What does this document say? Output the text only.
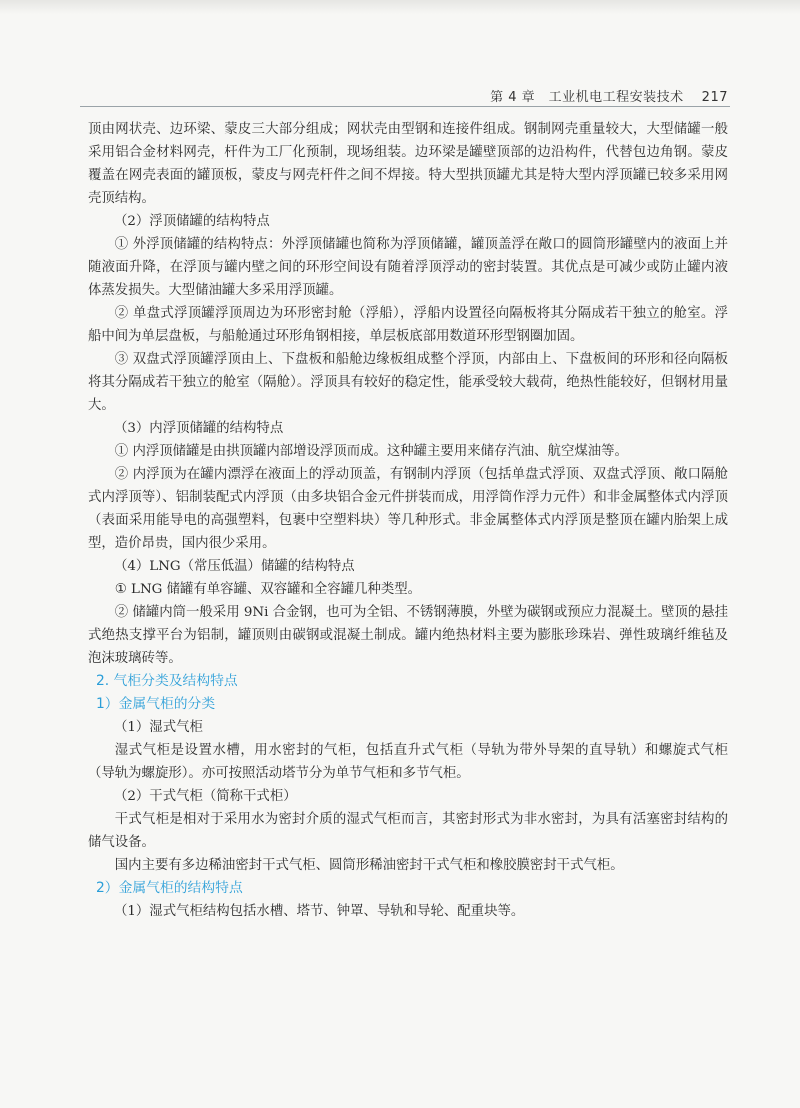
第 4 章　工业机电工程安装技术 217

顶由网状壳、边环梁、蒙皮三大部分组成；网状壳由型钢和连接件组成。钢制网壳重量较大，大型储罐一般采用铝合金材料网壳，杆件为工厂化预制，现场组装。边环梁是罐壁顶部的边沿构件，代替包边角钢。蒙皮覆盖在网壳表面的罐顶板，蒙皮与网壳杆件之间不焊接。特大型拱顶罐尤其是特大型内浮顶罐已较多采用网壳顶结构。

（2）浮顶储罐的结构特点

① 外浮顶储罐的结构特点：外浮顶储罐也简称为浮顶储罐，罐顶盖浮在敞口的圆筒形罐壁内的液面上并随液面升降，在浮顶与罐内壁之间的环形空间设有随着浮顶浮动的密封装置。其优点是可减少或防止罐内液体蒸发损失。大型储油罐大多采用浮顶罐。

② 单盘式浮顶罐浮顶周边为环形密封舱（浮船），浮船内设置径向隔板将其分隔成若干独立的舱室。浮船中间为单层盘板，与船舱通过环形角钢相接，单层板底部用数道环形型钢圈加固。

③ 双盘式浮顶罐浮顶由上、下盘板和船舱边缘板组成整个浮顶，内部由上、下盘板间的环形和径向隔板将其分隔成若干独立的舱室（隔舱）。浮顶具有较好的稳定性，能承受较大载荷，绝热性能较好，但钢材用量大。

（3）内浮顶储罐的结构特点

① 内浮顶储罐是由拱顶罐内部增设浮顶而成。这种罐主要用来储存汽油、航空煤油等。

② 内浮顶为在罐内漂浮在液面上的浮动顶盖，有钢制内浮顶（包括单盘式浮顶、双盘式浮顶、敞口隔舱式内浮顶等）、铝制装配式内浮顶（由多块铝合金元件拼装而成，用浮筒作浮力元件）和非金属整体式内浮顶（表面采用能导电的高强塑料，包裹中空塑料块）等几种形式。非金属整体式内浮顶是整顶在罐内胎架上成型，造价昂贵，国内很少采用。

（4）LNG（常压低温）储罐的结构特点

① LNG 储罐有单容罐、双容罐和全容罐几种类型。

② 储罐内筒一般采用 9Ni 合金钢，也可为全铝、不锈钢薄膜，外壁为碳钢或预应力混凝土。壁顶的悬挂式绝热支撑平台为铝制，罐顶则由碳钢或混凝土制成。罐内绝热材料主要为膨胀珍珠岩、弹性玻璃纤维毡及泡沫玻璃砖等。

2. 气柜分类及结构特点

1）金属气柜的分类

（1）湿式气柜

湿式气柜是设置水槽，用水密封的气柜，包括直升式气柜（导轨为带外导架的直导轨）和螺旋式气柜（导轨为螺旋形）。亦可按照活动塔节分为单节气柜和多节气柜。

（2）干式气柜（简称干式柜）

干式气柜是相对于采用水为密封介质的湿式气柜而言，其密封形式为非水密封，为具有活塞密封结构的储气设备。

国内主要有多边稀油密封干式气柜、圆筒形稀油密封干式气柜和橡胶膜密封干式气柜。

2）金属气柜的结构特点

（1）湿式气柜结构包括水槽、塔节、钟罩、导轨和导轮、配重块等。
